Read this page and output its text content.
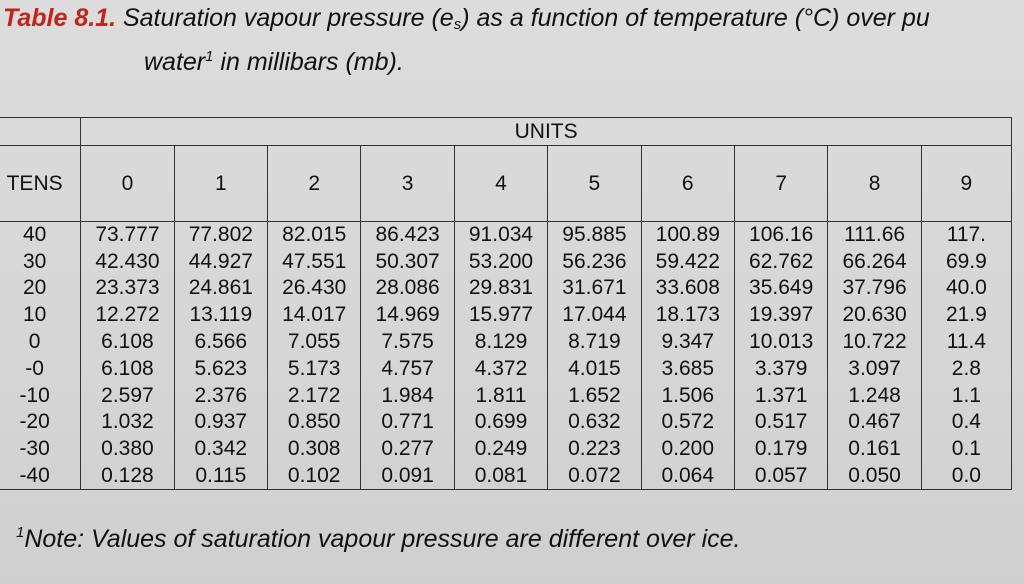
Table 8.1. Saturation vapour pressure $(e_s)$ as a function of temperature (°C) over pu
water$^1$ in millibars (mb).
	UNITS									
TENS	0	1	2	3	4	5	6	7	8	9
40	73.777	77.802	82.015	86.423	91.034	95.885	100.89	106.16	111.66	117.
30	42.430	44.927	47.551	50.307	53.200	56.236	59.422	62.762	66.264	69.9
20	23.373	24.861	26.430	28.086	29.831	31.671	33.608	35.649	37.796	40.0
10	12.272	13.119	14.017	14.969	15.977	17.044	18.173	19.397	20.630	21.9
0	6.108	6.566	7.055	7.575	8.129	8.719	9.347	10.013	10.722	11.4
-0	6.108	5.623	5.173	4.757	4.372	4.015	3.685	3.379	3.097	2.8
-10	2.597	2.376	2.172	1.984	1.811	1.652	1.506	1.371	1.248	1.1
-20	1.032	0.937	0.850	0.771	0.699	0.632	0.572	0.517	0.467	0.4
-30	0.380	0.342	0.308	0.277	0.249	0.223	0.200	0.179	0.161	0.1
-40	0.128	0.115	0.102	0.091	0.081	0.072	0.064	0.057	0.050	0.0
$^1$Note: Values of saturation vapour pressure are different over ice.
